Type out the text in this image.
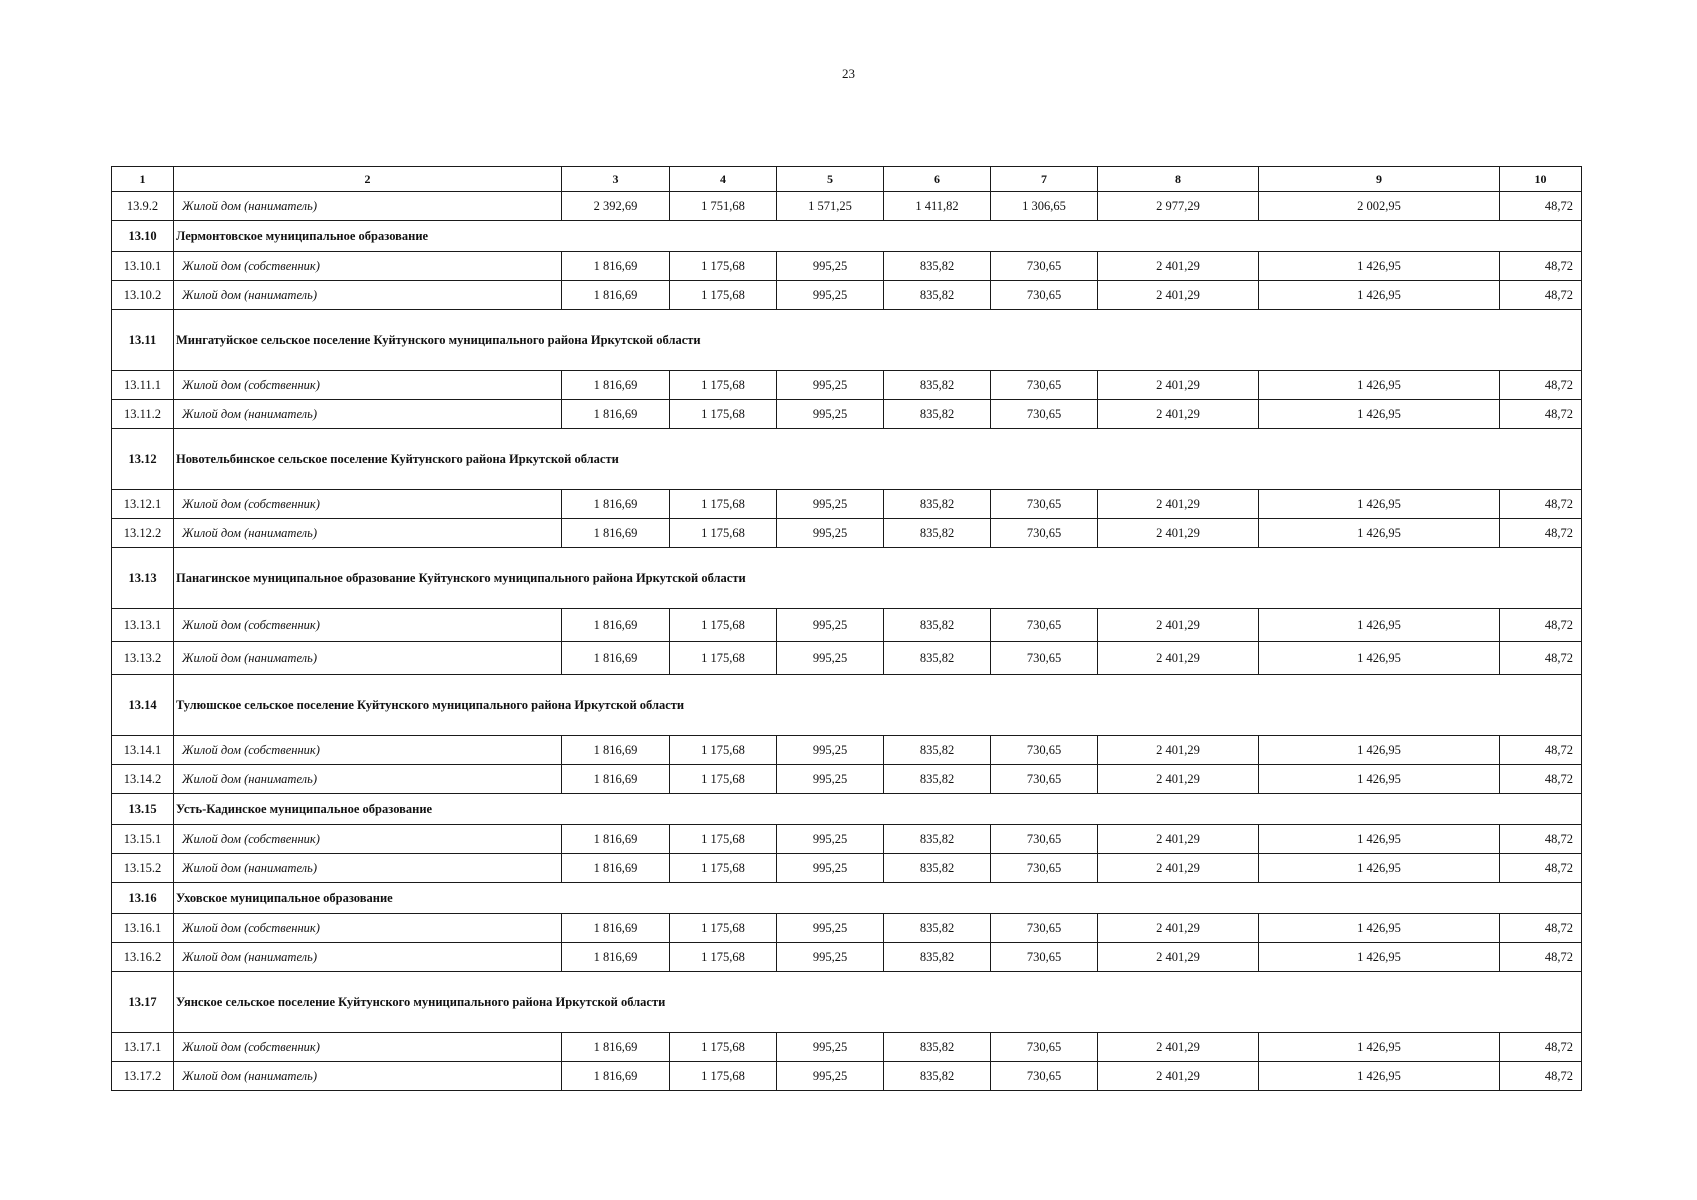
23
1	2	3	4	5	6	7	8	9	10
13.9.2	Жилой дом (наниматель)	2 392,69	1 751,68	1 571,25	1 411,82	1 306,65	2 977,29	2 002,95	48,72
13.10	Лермонтовское муниципальное образование								
13.10.1	Жилой дом (собственник)	1 816,69	1 175,68	995,25	835,82	730,65	2 401,29	1 426,95	48,72
13.10.2	Жилой дом (наниматель)	1 816,69	1 175,68	995,25	835,82	730,65	2 401,29	1 426,95	48,72
13.11	Мингатуйское сельское поселение Куйтунского муниципального района Иркутской области								
13.11.1	Жилой дом (собственник)	1 816,69	1 175,68	995,25	835,82	730,65	2 401,29	1 426,95	48,72
13.11.2	Жилой дом (наниматель)	1 816,69	1 175,68	995,25	835,82	730,65	2 401,29	1 426,95	48,72
13.12	Новотельбинское сельское поселение Куйтунского района Иркутской области								
13.12.1	Жилой дом (собственник)	1 816,69	1 175,68	995,25	835,82	730,65	2 401,29	1 426,95	48,72
13.12.2	Жилой дом (наниматель)	1 816,69	1 175,68	995,25	835,82	730,65	2 401,29	1 426,95	48,72
13.13	Панагинское муниципальное образование Куйтунского муниципального района Иркутской области								
13.13.1	Жилой дом (собственник)	1 816,69	1 175,68	995,25	835,82	730,65	2 401,29	1 426,95	48,72
13.13.2	Жилой дом (наниматель)	1 816,69	1 175,68	995,25	835,82	730,65	2 401,29	1 426,95	48,72
13.14	Тулюшское сельское поселение Куйтунского муниципального района Иркутской области								
13.14.1	Жилой дом (собственник)	1 816,69	1 175,68	995,25	835,82	730,65	2 401,29	1 426,95	48,72
13.14.2	Жилой дом (наниматель)	1 816,69	1 175,68	995,25	835,82	730,65	2 401,29	1 426,95	48,72
13.15	Усть-Кадинское муниципальное образование								
13.15.1	Жилой дом (собственник)	1 816,69	1 175,68	995,25	835,82	730,65	2 401,29	1 426,95	48,72
13.15.2	Жилой дом (наниматель)	1 816,69	1 175,68	995,25	835,82	730,65	2 401,29	1 426,95	48,72
13.16	Уховское муниципальное образование								
13.16.1	Жилой дом (собственник)	1 816,69	1 175,68	995,25	835,82	730,65	2 401,29	1 426,95	48,72
13.16.2	Жилой дом (наниматель)	1 816,69	1 175,68	995,25	835,82	730,65	2 401,29	1 426,95	48,72
13.17	Уянское сельское поселение Куйтунского муниципального района Иркутской области								
13.17.1	Жилой дом (собственник)	1 816,69	1 175,68	995,25	835,82	730,65	2 401,29	1 426,95	48,72
13.17.2	Жилой дом (наниматель)	1 816,69	1 175,68	995,25	835,82	730,65	2 401,29	1 426,95	48,72
